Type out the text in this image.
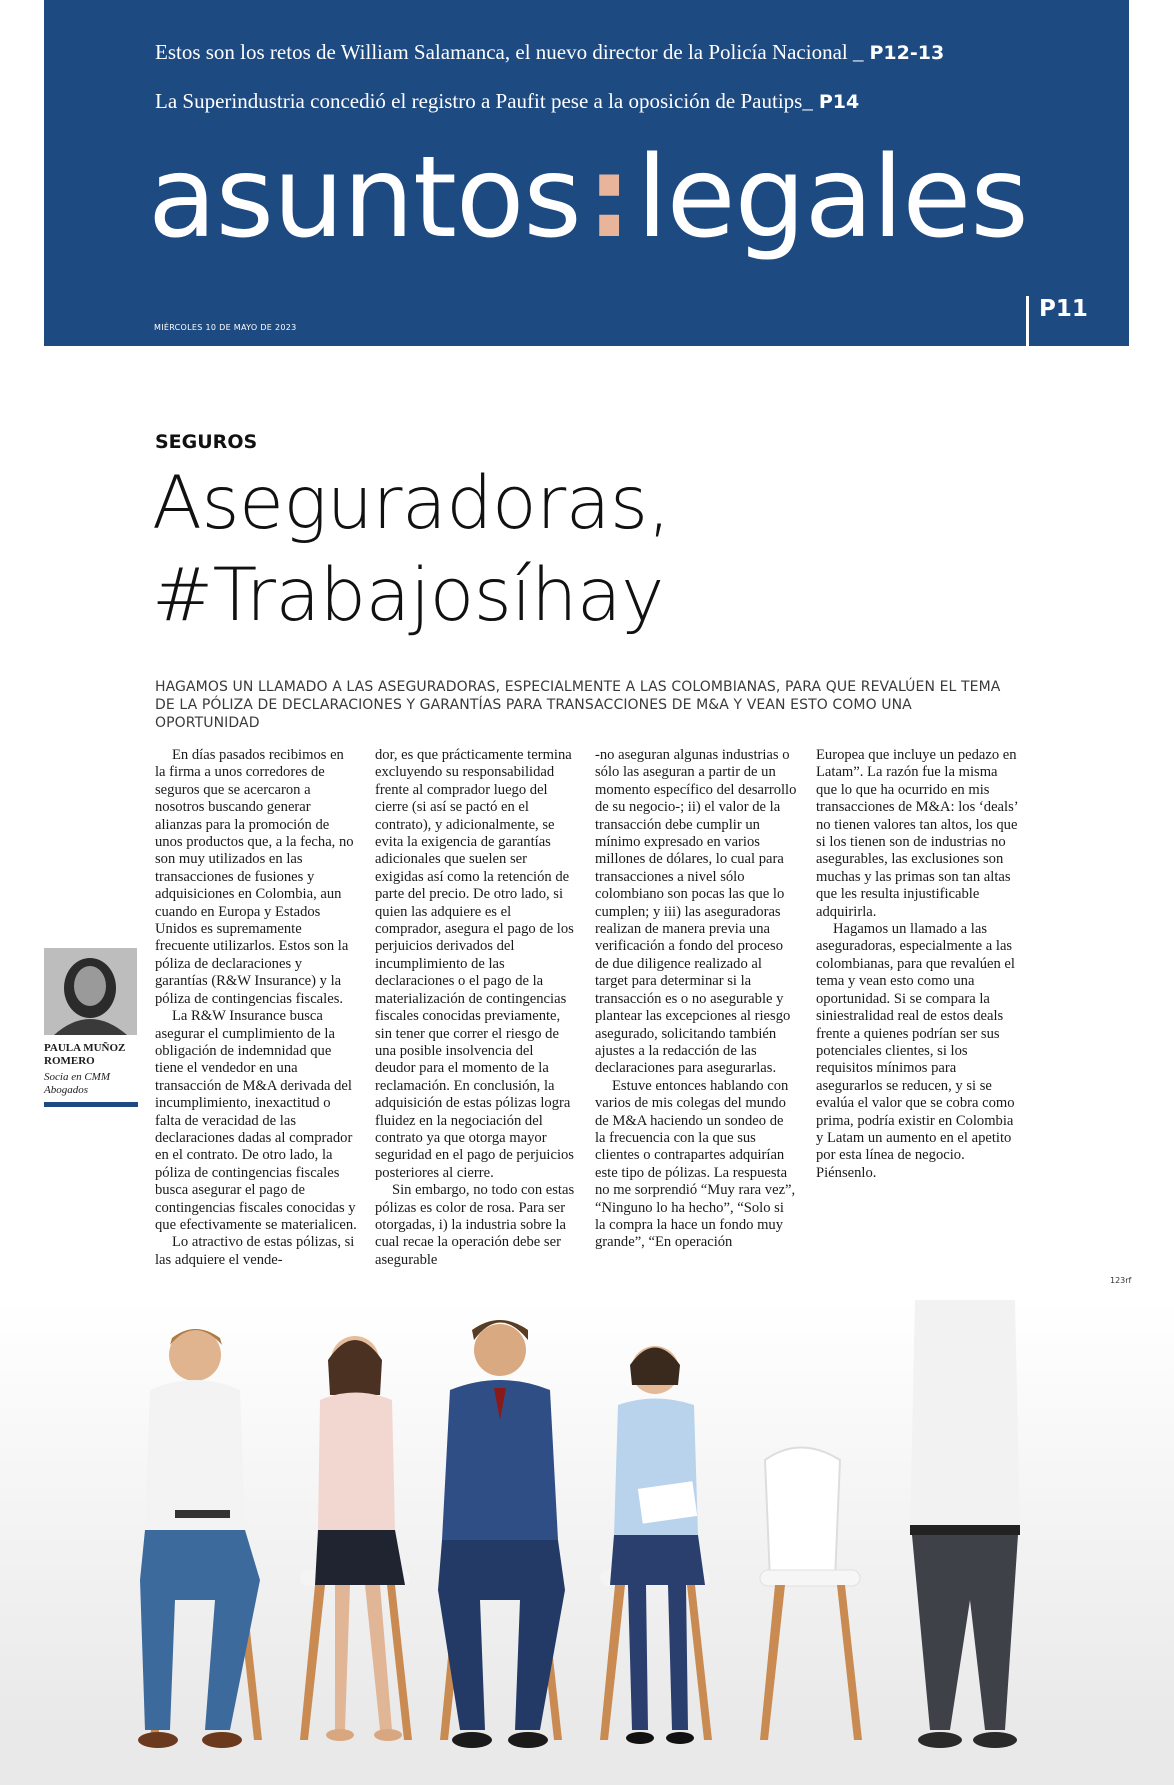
Estos son los retos de William Salamanca, el nuevo director de la Policía Nacional _ P12-13
La Superindustria concedió el registro a Paufit pese a la oposición de Pautips_ P14
asuntos:legales
MIÉRCOLES 10 DE MAYO DE 2023
P11
SEGUROS
Aseguradoras,
#Trabajosíhay
HAGAMOS UN LLAMADO A LAS ASEGURADORAS, ESPECIALMENTE A LAS COLOMBIANAS, PARA QUE REVALÚEN EL TEMA DE LA PÓLIZA DE DECLARACIONES Y GARANTÍAS PARA TRANSACCIONES DE M&A Y VEAN ESTO COMO UNA OPORTUNIDAD

En días pasados recibimos en la firma a unos corredores de seguros que se acercaron a nosotros buscando generar alianzas para la promoción de unos productos que, a la fecha, no son muy utilizados en las transacciones de fusiones y adquisiciones en Colombia, aun cuando en Europa y Estados Unidos es supremamente frecuente utilizarlos. Estos son la póliza de declaraciones y garantías (R&W Insurance) y la póliza de contingencias fiscales.

La R&W Insurance busca asegurar el cumplimiento de la obligación de indemnidad que tiene el vendedor en una transacción de M&A derivada del incumplimiento, inexactitud o falta de veracidad de las declaraciones dadas al comprador en el contrato. De otro lado, la póliza de contingencias fiscales busca asegurar el pago de contingencias fiscales conocidas y que efectivamente se materialicen.

Lo atractivo de estas pólizas, si las adquiere el vende-

dor, es que prácticamente termina excluyendo su responsabilidad frente al comprador luego del cierre (si así se pactó en el contrato), y adicionalmente, se evita la exigencia de garantías adicionales que suelen ser exigidas así como la retención de parte del precio. De otro lado, si quien las adquiere es el comprador, asegura el pago de los perjuicios derivados del incumplimiento de las declaraciones o el pago de la materialización de contingencias fiscales conocidas previamente, sin tener que correr el riesgo de una posible insolvencia del deudor para el momento de la reclamación. En conclusión, la adquisición de estas pólizas logra fluidez en la negociación del contrato ya que otorga mayor seguridad en el pago de perjuicios posteriores al cierre.

Sin embargo, no todo con estas pólizas es color de rosa. Para ser otorgadas, i) la industria sobre la cual recae la operación debe ser asegurable

-no aseguran algunas industrias o sólo las aseguran a partir de un momento específico del desarrollo de su negocio-; ii) el valor de la transacción debe cumplir un mínimo expresado en varios millones de dólares, lo cual para transacciones a nivel sólo colombiano son pocas las que lo cumplen; y iii) las aseguradoras realizan de manera previa una verificación a fondo del proceso de due diligence realizado al target para determinar si la transacción es o no asegurable y plantear las excepciones al riesgo asegurado, solicitando también ajustes a la redacción de las declaraciones para asegurarlas.

Estuve entonces hablando con varios de mis colegas del mundo de M&A haciendo un sondeo de la frecuencia con la que sus clientes o contrapartes adquirían este tipo de pólizas. La respuesta no me sorprendió “Muy rara vez”, “Ninguno lo ha hecho”, “Solo si la compra la hace un fondo muy grande”, “En operación

Europea que incluye un pedazo en Latam”. La razón fue la misma que lo que ha ocurrido en mis transacciones de M&A: los ‘deals’ no tienen valores tan altos, los que si los tienen son de industrias no asegurables, las exclusiones son muchas y las primas son tan altas que les resulta injustificable adquirirla.

Hagamos un llamado a las aseguradoras, especialmente a las colombianas, para que revalúen el tema y vean esto como una oportunidad. Si se compara la siniestralidad real de estos deals frente a quienes podrían ser sus potenciales clientes, si los requisitos mínimos para asegurarlos se reducen, y si se evalúa el valor que se cobra como prima, podría existir en Colombia y Latam un aumento en el apetito por esta línea de negocio. Piénsenlo.

PAULA MUÑOZ ROMERO
Socia en CMM Abogados
123rf
